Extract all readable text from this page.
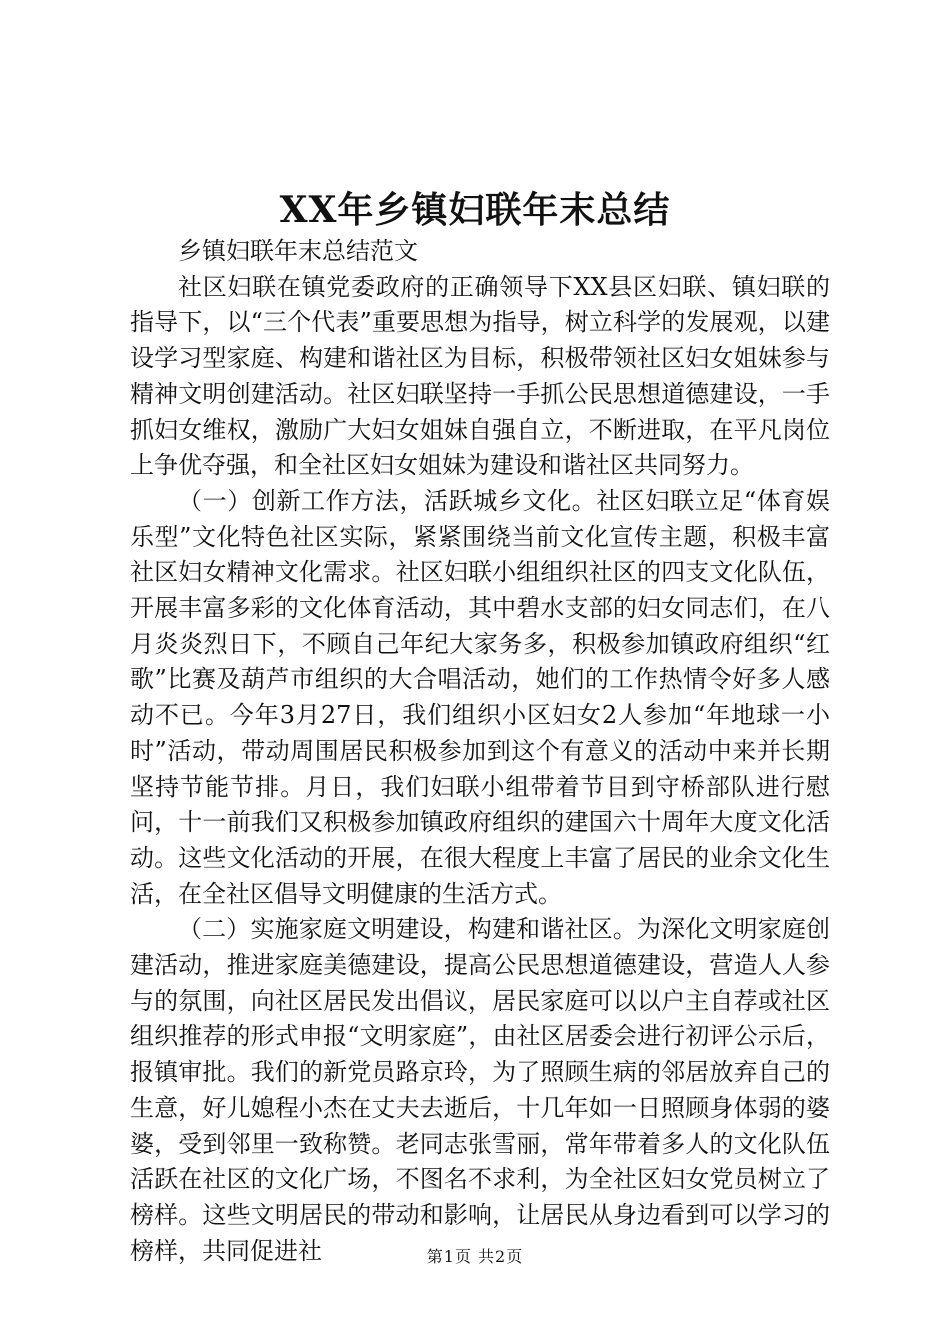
XX年乡镇妇联年末总结

乡镇妇联年末总结范文

社区妇联在镇党委政府的正确领导下XX县区妇联、镇妇联的指导下，以“三个代表”重要思想为指导，树立科学的发展观，以建设学习型家庭、构建和谐社区为目标，积极带领社区妇女姐妹参与精神文明创建活动。社区妇联坚持一手抓公民思想道德建设，一手抓妇女维权，激励广大妇女姐妹自强自立，不断进取，在平凡岗位上争优夺强，和全社区妇女姐妹为建设和谐社区共同努力。

（一）创新工作方法，活跃城乡文化。社区妇联立足“体育娱乐型”文化特色社区实际，紧紧围绕当前文化宣传主题，积极丰富社区妇女精神文化需求。社区妇联小组组织社区的四支文化队伍，开展丰富多彩的文化体育活动，其中碧水支部的妇女同志们，在八月炎炎烈日下，不顾自己年纪大家务多，积极参加镇政府组织“红歌”比赛及葫芦市组织的大合唱活动，她们的工作热情令好多人感动不已。今年3月27日，我们组织小区妇女2人参加“年地球一小时”活动，带动周围居民积极参加到这个有意义的活动中来并长期坚持节能节排。月日，我们妇联小组带着节目到守桥部队进行慰问，十一前我们又积极参加镇政府组织的建国六十周年大度文化活动。这些文化活动的开展，在很大程度上丰富了居民的业余文化生活，在全社区倡导文明健康的生活方式。

（二）实施家庭文明建设，构建和谐社区。为深化文明家庭创建活动，推进家庭美德建设，提高公民思想道德建设，营造人人参与的氛围，向社区居民发出倡议，居民家庭可以以户主自荐或社区组织推荐的形式申报“文明家庭”，由社区居委会进行初评公示后，报镇审批。我们的新党员路京玲，为了照顾生病的邻居放弃自己的生意，好儿媳程小杰在丈夫去逝后，十几年如一日照顾身体弱的婆婆，受到邻里一致称赞。老同志张雪丽，常年带着多人的文化队伍活跃在社区的文化广场，不图名不求利，为全社区妇女党员树立了榜样。这些文明居民的带动和影响，让居民从身边看到可以学习的榜样，共同促进社	第1页 共2页
